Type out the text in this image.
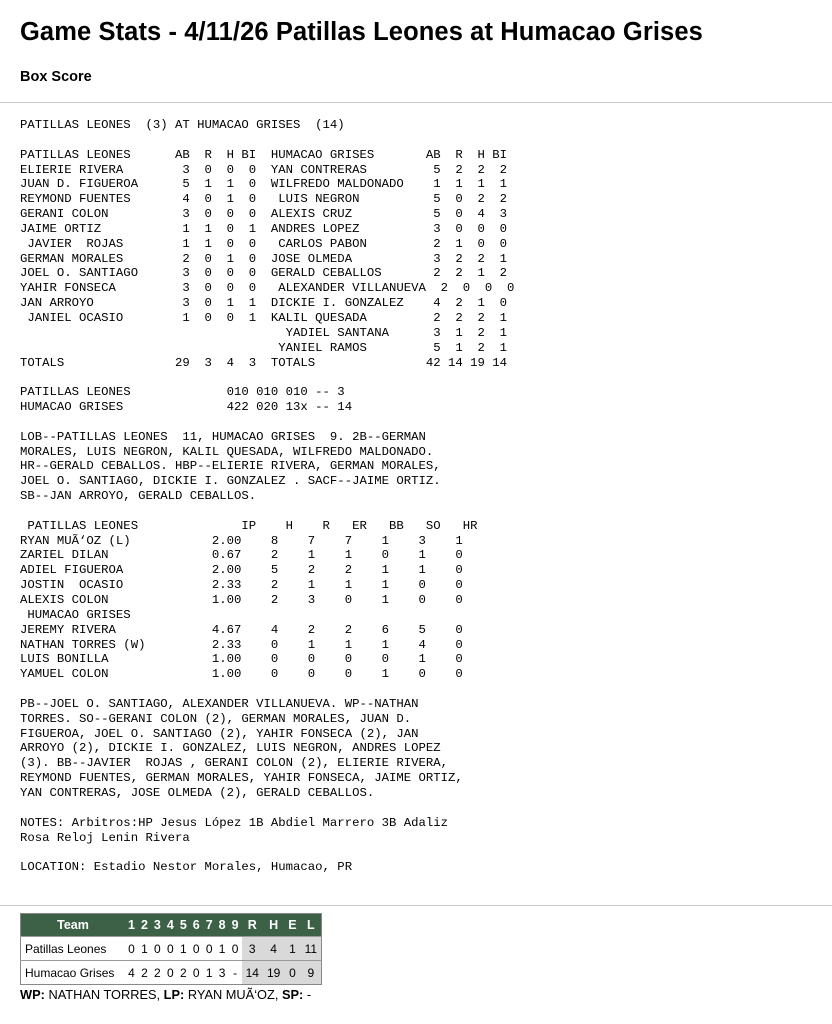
Game Stats - 4/11/26 Patillas Leones at Humacao Grises
Box Score
PATILLAS LEONES  (3) AT HUMACAO GRISES  (14)

PATILLAS LEONES      AB  R  H BI  HUMACAO GRISES       AB  R  H BI
ELIERIE RIVERA        3  0  0  0  YAN CONTRERAS         5  2  2  2
JUAN D. FIGUEROA      5  1  1  0  WILFREDO MALDONADO    1  1  1  1
REYMOND FUENTES       4  0  1  0   LUIS NEGRON          5  0  2  2
GERANI COLON          3  0  0  0  ALEXIS CRUZ           5  0  4  3
JAIME ORTIZ           1  1  0  1  ANDRES LOPEZ          3  0  0  0
JAVIER  ROJAS        1  1  0  0   CARLOS PABON         2  1  0  0
GERMAN MORALES        2  0  1  0  JOSE OLMEDA           3  2  2  1
JOEL O. SANTIAGO      3  0  0  0  GERALD CEBALLOS       2  2  1  2
YAHIR FONSECA         3  0  0  0   ALEXANDER VILLANUEVA  2  0  0  0
JAN ARROYO            3  0  1  1  DICKIE I. GONZALEZ    4  2  1  0
JANIEL OCASIO        1  0  0  1  KALIL QUESADA         2  2  2  1
YADIEL SANTANA      3  1  2  1
YANIEL RAMOS         5  1  2  1
TOTALS               29  3  4  3  TOTALS               42 14 19 14

PATILLAS LEONES             010 010 010 -- 3
HUMACAO GRISES              422 020 13x -- 14

LOB--PATILLAS LEONES  11, HUMACAO GRISES  9. 2B--GERMAN
MORALES, LUIS NEGRON, KALIL QUESADA, WILFREDO MALDONADO.
HR--GERALD CEBALLOS. HBP--ELIERIE RIVERA, GERMAN MORALES,
JOEL O. SANTIAGO, DICKIE I. GONZALEZ . SACF--JAIME ORTIZ.
SB--JAN ARROYO, GERALD CEBALLOS.

PATILLAS LEONES              IP    H    R   ER   BB   SO   HR
RYAN MUÃ‘OZ (L)           2.00    8    7    7    1    3    1
ZARIEL DILAN              0.67    2    1    1    0    1    0
ADIEL FIGUEROA            2.00    5    2    2    1    1    0
JOSTIN  OCASIO            2.33    2    1    1    1    0    0
ALEXIS COLON              1.00    2    3    0    1    0    0
HUMACAO GRISES
JEREMY RIVERA             4.67    4    2    2    6    5    0
NATHAN TORRES (W)         2.33    0    1    1    1    4    0
LUIS BONILLA              1.00    0    0    0    0    1    0
YAMUEL COLON              1.00    0    0    0    1    0    0

PB--JOEL O. SANTIAGO, ALEXANDER VILLANUEVA. WP--NATHAN
TORRES. SO--GERANI COLON (2), GERMAN MORALES, JUAN D.
FIGUEROA, JOEL O. SANTIAGO (2), YAHIR FONSECA (2), JAN
ARROYO (2), DICKIE I. GONZALEZ, LUIS NEGRON, ANDRES LOPEZ
(3). BB--JAVIER  ROJAS , GERANI COLON (2), ELIERIE RIVERA,
REYMOND FUENTES, GERMAN MORALES, YAHIR FONSECA, JAIME ORTIZ,
YAN CONTRERAS, JOSE OLMEDA (2), GERALD CEBALLOS.

NOTES: Arbitros:HP Jesus López 1B Abdiel Marrero 3B Adaliz
Rosa Reloj Lenin Rivera

LOCATION: Estadio Nestor Morales, Humacao, PR

Team	1	2	3	4	5	6	7	8	9	R	H	E	L
Patillas Leones	0	1	0	0	1	0	0	1	0	3	4	1	11
Humacao Grises	4	2	2	0	2	0	1	3	-	14	19	0	9
WP: NATHAN TORRES, LP: RYAN MUÃ‘OZ, SP: -
